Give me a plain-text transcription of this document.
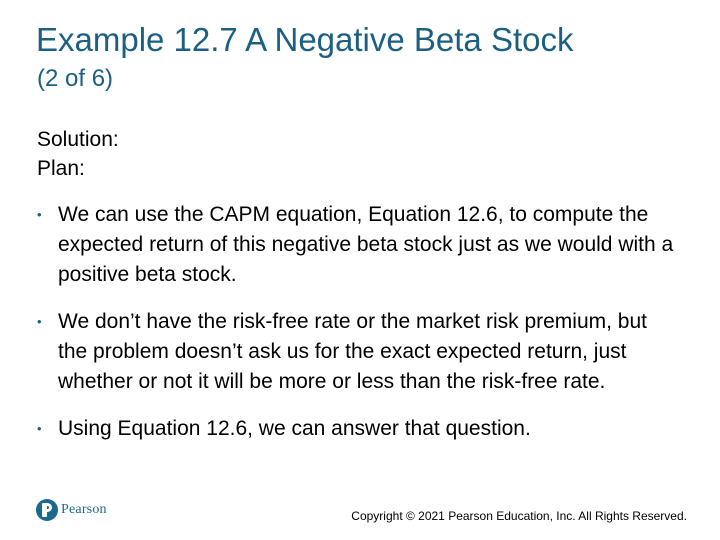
Example 12.7 A Negative Beta Stock
(2 of 6)
Solution:
Plan:
• We can use the CAPM equation, Equation 12.6, to compute the expected return of this negative beta stock just as we would with a positive beta stock.
• We don’t have the risk-free rate or the market risk premium, but the problem doesn’t ask us for the exact expected return, just whether or not it will be more or less than the risk-free rate.
• Using Equation 12.6, we can answer that question.
Pearson	Copyright © 2021 Pearson Education, Inc. All Rights Reserved.
